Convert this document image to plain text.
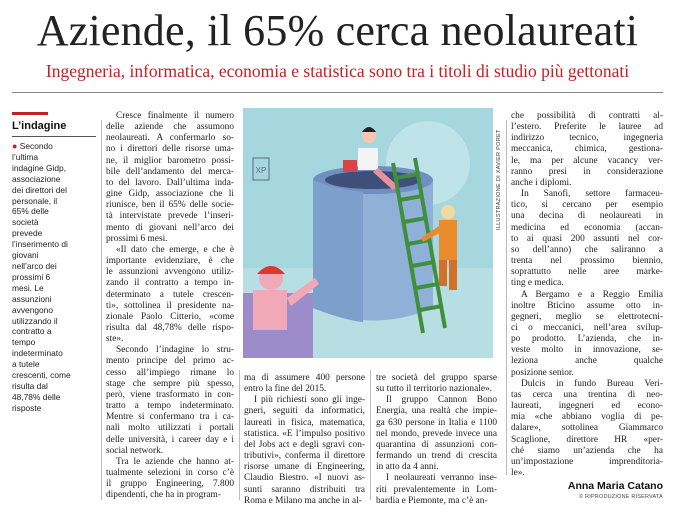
Aziende, il 65% cerca neolaureati
Ingegneria, informatica, economia e statistica sono tra i titoli di studio più gettonati
L’indagine
● Secondo
l’ultima
indagine Gidp,
associazione
dei direttori del
personale, il
65% delle
società
prevede
l’inserimento di
giovani
nell’arco dei
prossimi 6
mesi. Le
assunzioni
avvengono
utilizzando il
contratto a
tempo
indeterminato
a tutele
crescenti, come
risulta dal
48,78% delle
risposte
Cresce finalmente il numero
delle aziende che assumono
neolaureati. A confermarlo so-
no i direttori delle risorse uma-
ne, il miglior barometro possi-
bile dell’andamento del merca-
to del lavoro. Dall’ultima inda-
gine Gidp, associazione che li
riunisce, ben il 65% delle socie-
tà intervistate prevede l’inseri-
mento di giovani nell’arco dei
prossimi 6 mesi.
«Il dato che emerge, e che è
importante evidenziare, è che
le assunzioni avvengono utiliz-
zando il contratto a tempo in-
determinato a tutele crescen-
ti», sottolinea il presidente na-
zionale Paolo Citterio, «come
risulta dal 48,78% delle rispo-
ste».
Secondo l’indagine lo stru-
mento principe del primo ac-
cesso all’impiego rimane lo
stage che sempre più spesso,
però, viene trasformato in con-
tratto a tempo indeterminato.
Mentre si confermano tra i ca-
nali molto utilizzati i portali
delle università, i career day e i
social network.
Tra le aziende che hanno at-
tualmente selezioni in corso c’è
il gruppo Engineering, 7.800
dipendenti, che ha in program-
XP	ILLUSTRAZIONE DI XAVIER PORET
ma di assumere 400 persone
entro la fine del 2015.
I più richiesti sono gli inge-
gneri, seguiti da informatici,
laureati in fisica, matematica,
statistica. «È l’impulso positivo
del Jobs act e degli sgravi con-
tributivi», conferma il direttore
risorse umane di Engineering,
Claudio Biestro. «I nuovi as-
sunti saranno distribuiti tra
Roma e Milano ma anche in al-
tre società del gruppo sparse
su tutto il territorio nazionale».
Il gruppo Cannon Bono
Energia, una realtà che impie-
ga 630 persone in Italia e 1100
nel mondo, prevede invece una
quarantina di assunzioni con-
fermando un trend di crescita
in atto da 4 anni.
I neolaureati verranno inse-
riti prevalentemente in Lom-
bardia e Piemonte, ma c’è an-
che possibilità di contratti al-
l’estero. Preferite le lauree ad
indirizzo tecnico, ingegneria
meccanica, chimica, gestiona-
le, ma per alcune vacancy ver-
ranno presi in considerazione
anche i diplomi.
In Sanofi, settore farmaceu-
tico, si cercano per esempio
una decina di neolaureati in
medicina ed economia (accan-
to ai quasi 200 assunti nel cor-
so dell’anno) che saliranno a
trenta nel prossimo biennio,
soprattutto nelle aree marke-
ting e medica.
A Bergamo e a Reggio Emilia
inoltre Bticino assume otto in-
gegneri, meglio se elettrotecni-
ci o meccanici, nell’area svilup-
po prodotto. L’azienda, che in-
veste molto in innovazione, se-
leziona anche qualche
posizione senior.
Dulcis in fundo Bureau Veri-
tas cerca una trentina di neo-
laureati, ingegneri ed econo-
mia «che abbiano voglia di pe-
dalare», sottolinea Giammarco
Scaglione, direttore HR «per-
ché siamo un’azienda che ha
un’impostazione imprenditoria-
le».
Anna Maria Catano
© RIPRODUZIONE RISERVATA
